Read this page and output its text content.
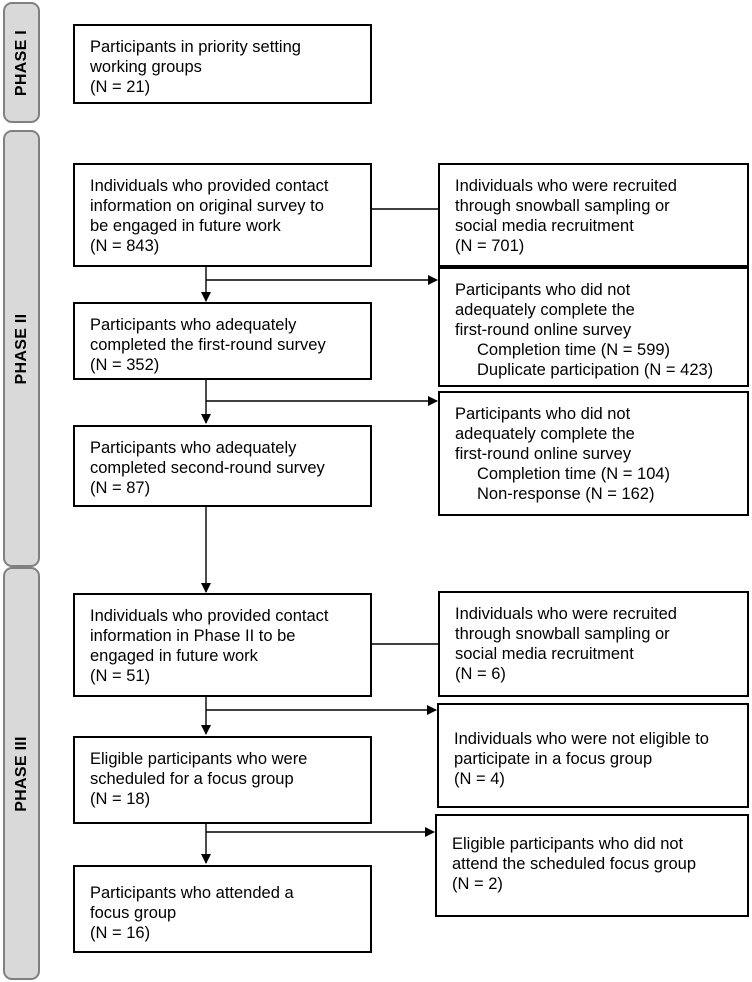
PHASE I
PHASE II
PHASE III
Participants in priority setting
working groups
(N = 21)
Individuals who provided contact
information on original survey to
be engaged in future work
(N = 843)
Individuals who were recruited
through snowball sampling or
social media recruitment
(N = 701)
Participants who adequately
completed the first-round survey
(N = 352)
Participants who did not
adequately complete the
first-round online survey
Completion time (N = 599)
Duplicate participation (N = 423)
Participants who adequately
completed second-round survey
(N = 87)
Participants who did not
adequately complete the
first-round online survey
Completion time (N = 104)
Non-response (N = 162)
Individuals who provided contact
information in Phase II to be
engaged in future work
(N = 51)
Individuals who were recruited
through snowball sampling or
social media recruitment
(N = 6)
Eligible participants who were
scheduled for a focus group
(N = 18)
Individuals who were not eligible to
participate in a focus group
(N = 4)
Participants who attended a
focus group
(N = 16)
Eligible participants who did not
attend the scheduled focus group
(N = 2)
